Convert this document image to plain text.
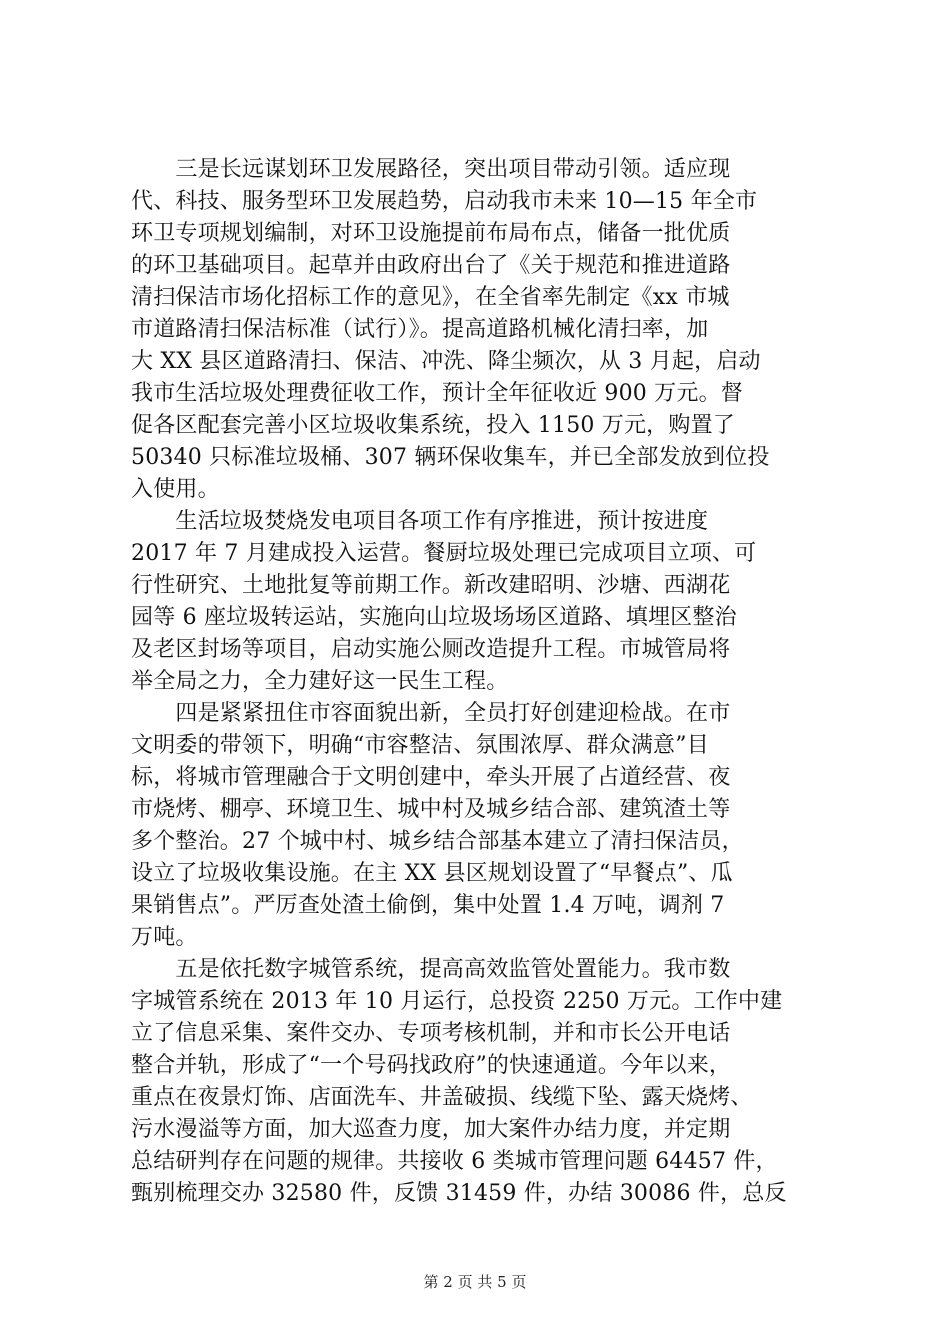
　　三是长远谋划环卫发展路径，突出项目带动引领。适应现
代、科技、服务型环卫发展趋势，启动我市未来 10—15 年全市
环卫专项规划编制，对环卫设施提前布局布点，储备一批优质
的环卫基础项目。起草并由政府出台了《关于规范和推进道路
清扫保洁市场化招标工作的意见》，在全省率先制定《xx 市城
市道路清扫保洁标准（试行）》。提高道路机械化清扫率，加
大 XX 县区道路清扫、保洁、冲洗、降尘频次，从 3 月起，启动
我市生活垃圾处理费征收工作，预计全年征收近 900 万元。督
促各区配套完善小区垃圾收集系统，投入 1150 万元，购置了
50340 只标准垃圾桶、307 辆环保收集车，并已全部发放到位投
入使用。
　　生活垃圾焚烧发电项目各项工作有序推进，预计按进度
2017 年 7 月建成投入运营。餐厨垃圾处理已完成项目立项、可
行性研究、土地批复等前期工作。新改建昭明、沙塘、西湖花
园等 6 座垃圾转运站，实施向山垃圾场场区道路、填埋区整治
及老区封场等项目，启动实施公厕改造提升工程。市城管局将
举全局之力，全力建好这一民生工程。
　　四是紧紧扭住市容面貌出新，全员打好创建迎检战。在市
文明委的带领下，明确“市容整洁、氛围浓厚、群众满意”目
标，将城市管理融合于文明创建中，牵头开展了占道经营、夜
市烧烤、棚亭、环境卫生、城中村及城乡结合部、建筑渣土等
多个整治。27 个城中村、城乡结合部基本建立了清扫保洁员，
设立了垃圾收集设施。在主 XX 县区规划设置了“早餐点”、瓜
果销售点”。严厉查处渣土偷倒，集中处置 1.4 万吨，调剂 7
万吨。
　　五是依托数字城管系统，提高高效监管处置能力。我市数
字城管系统在 2013 年 10 月运行，总投资 2250 万元。工作中建
立了信息采集、案件交办、专项考核机制，并和市长公开电话
整合并轨，形成了“一个号码找政府”的快速通道。今年以来，
重点在夜景灯饰、店面洗车、井盖破损、线缆下坠、露天烧烤、
污水漫溢等方面，加大巡查力度，加大案件办结力度，并定期
总结研判存在问题的规律。共接收 6 类城市管理问题 64457 件，
甄别梳理交办 32580 件，反馈 31459 件，办结 30086 件，总反
第 2 页 共 5 页
